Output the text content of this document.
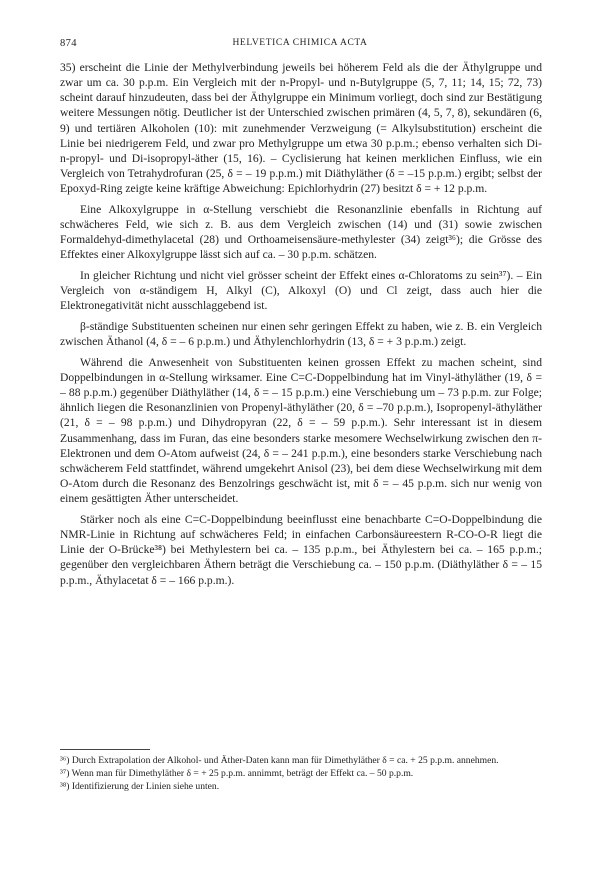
874	HELVETICA CHIMICA ACTA

35) erscheint die Linie der Methylverbindung jeweils bei höherem Feld als die der Äthylgruppe und zwar um ca. 30 p.p.m. Ein Vergleich mit der n-Propyl- und n-Butylgruppe (5, 7, 11; 14, 15; 72, 73) scheint darauf hinzudeuten, dass bei der Äthylgruppe ein Minimum vorliegt, doch sind zur Bestätigung weitere Messungen nötig. Deutlicher ist der Unterschied zwischen primären (4, 5, 7, 8), sekundären (6, 9) und tertiären Alkoholen (10): mit zunehmender Verzweigung (= Alkylsubstitution) erscheint die Linie bei niedrigerem Feld, und zwar pro Methylgruppe um etwa 30 p.p.m.; ebenso verhalten sich Di-n-propyl- und Di-isopropyl-äther (15, 16). – Cyclisierung hat keinen merklichen Einfluss, wie ein Vergleich von Tetrahydrofuran (25, δ = – 19 p.p.m.) mit Diäthyläther (δ = –15 p.p.m.) ergibt; selbst der Epoxyd-Ring zeigte keine kräftige Abweichung: Epichlorhydrin (27) besitzt δ = + 12 p.p.m.

Eine Alkoxylgruppe in α-Stellung verschiebt die Resonanzlinie ebenfalls in Richtung auf schwächeres Feld, wie sich z. B. aus dem Vergleich zwischen (14) und (31) sowie zwischen Formaldehyd-dimethylacetal (28) und Orthoameisensäure-methylester (34) zeigt³⁶); die Grösse des Effektes einer Alkoxylgruppe lässt sich auf ca. – 30 p.p.m. schätzen.

In gleicher Richtung und nicht viel grösser scheint der Effekt eines α-Chloratoms zu sein³⁷). – Ein Vergleich von α-ständigem H, Alkyl (C), Alkoxyl (O) und Cl zeigt, dass auch hier die Elektronegativität nicht ausschlaggebend ist.

β-ständige Substituenten scheinen nur einen sehr geringen Effekt zu haben, wie z. B. ein Vergleich zwischen Äthanol (4, δ = – 6 p.p.m.) und Äthylenchlorhydrin (13, δ = + 3 p.p.m.) zeigt.

Während die Anwesenheit von Substituenten keinen grossen Effekt zu machen scheint, sind Doppelbindungen in α-Stellung wirksamer. Eine C=C-Doppelbindung hat im Vinyl-äthyläther (19, δ = – 88 p.p.m.) gegenüber Diäthyläther (14, δ = – 15 p.p.m.) eine Verschiebung um – 73 p.p.m. zur Folge; ähnlich liegen die Resonanzlinien von Propenyl-äthyläther (20, δ = –70 p.p.m.), Isopropenyl-äthyläther (21, δ = – 98 p.p.m.) und Dihydropyran (22, δ = – 59 p.p.m.). Sehr interessant ist in diesem Zusammenhang, dass im Furan, das eine besonders starke mesomere Wechselwirkung zwischen den π-Elektronen und dem O-Atom aufweist (24, δ = – 241 p.p.m.), eine besonders starke Verschiebung nach schwächerem Feld stattfindet, während umgekehrt Anisol (23), bei dem diese Wechselwirkung mit dem O-Atom durch die Resonanz des Benzolrings geschwächt ist, mit δ = – 45 p.p.m. sich nur wenig von einem gesättigten Äther unterscheidet.

Stärker noch als eine C=C-Doppelbindung beeinflusst eine benachbarte C=O-Doppelbindung die NMR-Linie in Richtung auf schwächeres Feld; in einfachen Carbonsäureestern R-CO-O-R liegt die Linie der O-Brücke³⁸) bei Methylestern bei ca. – 135 p.p.m., bei Äthylestern bei ca. – 165 p.p.m.; gegenüber den vergleichbaren Äthern beträgt die Verschiebung ca. – 150 p.p.m. (Diäthyläther δ = – 15 p.p.m., Äthylacetat δ = – 166 p.p.m.).

³⁶) Durch Extrapolation der Alkohol- und Äther-Daten kann man für Dimethyläther δ = ca. + 25 p.p.m. annehmen.

³⁷) Wenn man für Dimethyläther δ = + 25 p.p.m. annimmt, beträgt der Effekt ca. – 50 p.p.m.

³⁸) Identifizierung der Linien siehe unten.
